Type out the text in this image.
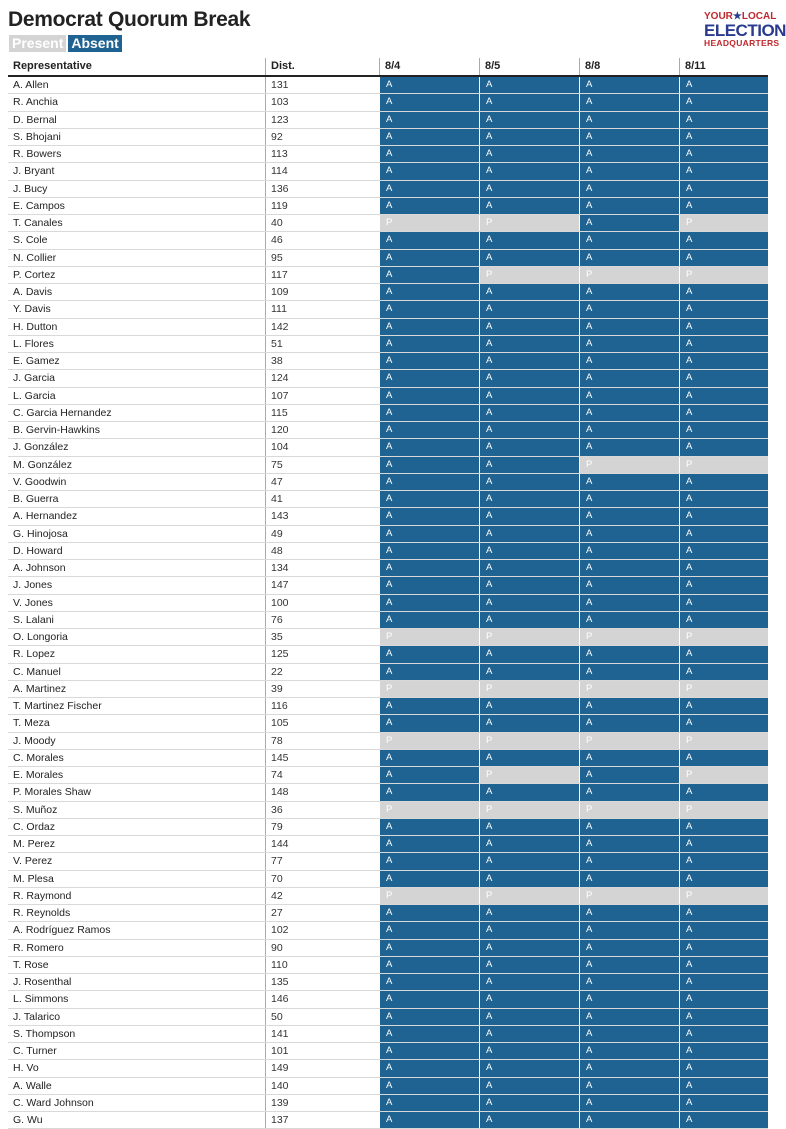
Democrat Quorum Break
Present Absent
YOUR★LOCAL
ELECTION
HEADQUARTERS
Representative	Dist.	8/4	8/5	8/8	8/11
A. Allen	131	A	A	A	A
R. Anchia	103	A	A	A	A
D. Bernal	123	A	A	A	A
S. Bhojani	92	A	A	A	A
R. Bowers	113	A	A	A	A
J. Bryant	114	A	A	A	A
J. Bucy	136	A	A	A	A
E. Campos	119	A	A	A	A
T. Canales	40	P	P	A	P
S. Cole	46	A	A	A	A
N. Collier	95	A	A	A	A
P. Cortez	117	A	P	P	P
A. Davis	109	A	A	A	A
Y. Davis	111	A	A	A	A
H. Dutton	142	A	A	A	A
L. Flores	51	A	A	A	A
E. Gamez	38	A	A	A	A
J. Garcia	124	A	A	A	A
L. Garcia	107	A	A	A	A
C. Garcia Hernandez	115	A	A	A	A
B. Gervin-Hawkins	120	A	A	A	A
J. González	104	A	A	A	A
M. González	75	A	A	P	P
V. Goodwin	47	A	A	A	A
B. Guerra	41	A	A	A	A
A. Hernandez	143	A	A	A	A
G. Hinojosa	49	A	A	A	A
D. Howard	48	A	A	A	A
A. Johnson	134	A	A	A	A
J. Jones	147	A	A	A	A
V. Jones	100	A	A	A	A
S. Lalani	76	A	A	A	A
O. Longoria	35	P	P	P	P
R. Lopez	125	A	A	A	A
C. Manuel	22	A	A	A	A
A. Martinez	39	P	P	P	P
T. Martinez Fischer	116	A	A	A	A
T. Meza	105	A	A	A	A
J. Moody	78	P	P	P	P
C. Morales	145	A	A	A	A
E. Morales	74	A	P	A	P
P. Morales Shaw	148	A	A	A	A
S. Muñoz	36	P	P	P	P
C. Ordaz	79	A	A	A	A
M. Perez	144	A	A	A	A
V. Perez	77	A	A	A	A
M. Plesa	70	A	A	A	A
R. Raymond	42	P	P	P	P
R. Reynolds	27	A	A	A	A
A. Rodríguez Ramos	102	A	A	A	A
R. Romero	90	A	A	A	A
T. Rose	110	A	A	A	A
J. Rosenthal	135	A	A	A	A
L. Simmons	146	A	A	A	A
J. Talarico	50	A	A	A	A
S. Thompson	141	A	A	A	A
C. Turner	101	A	A	A	A
H. Vo	149	A	A	A	A
A. Walle	140	A	A	A	A
C. Ward Johnson	139	A	A	A	A
G. Wu	137	A	A	A	A
